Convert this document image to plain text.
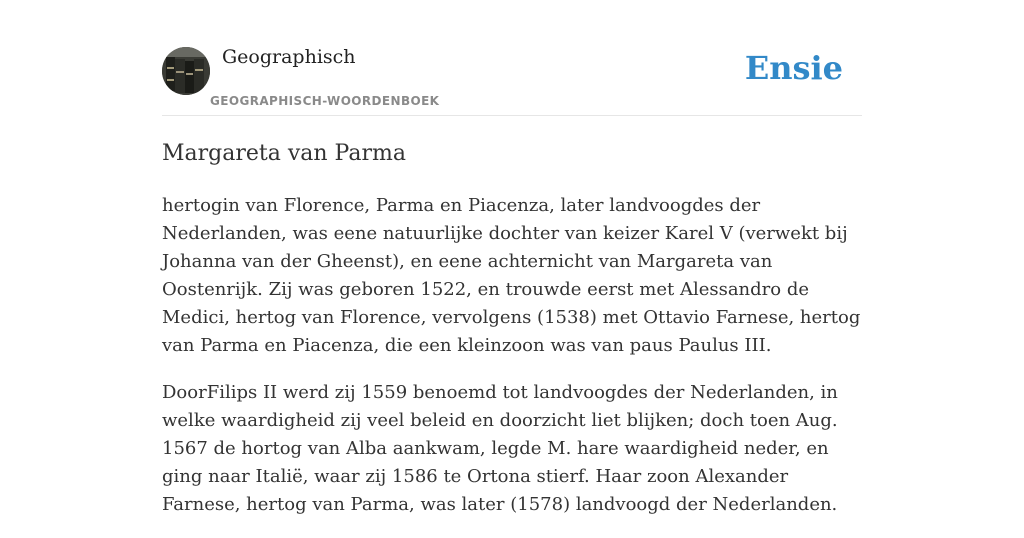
Geographisch
GEOGRAPHISCH-WOORDENBOEK
Ensie
Margareta van Parma

hertogin van Florence, Parma en Piacenza, later landvoogdes der Nederlanden, was eene natuurlijke dochter van keizer Karel V (verwekt bij Johanna van der Gheenst), en eene achternicht van Margareta van Oostenrijk. Zij was geboren 1522, en trouwde eerst met Alessandro de Medici, hertog van Florence, vervolgens (1538) met Ottavio Farnese, hertog van Parma en Piacenza, die een kleinzoon was van paus Paulus III.

DoorFilips II werd zij 1559 benoemd tot landvoogdes der Nederlanden, in welke waardigheid zij veel beleid en doorzicht liet blijken; doch toen Aug. 1567 de hortog van Alba aankwam, legde M. hare waardigheid neder, en ging naar Italië, waar zij 1586 te Ortona stierf. Haar zoon Alexander Farnese, hertog van Parma, was later (1578) landvoogd der Nederlanden.
